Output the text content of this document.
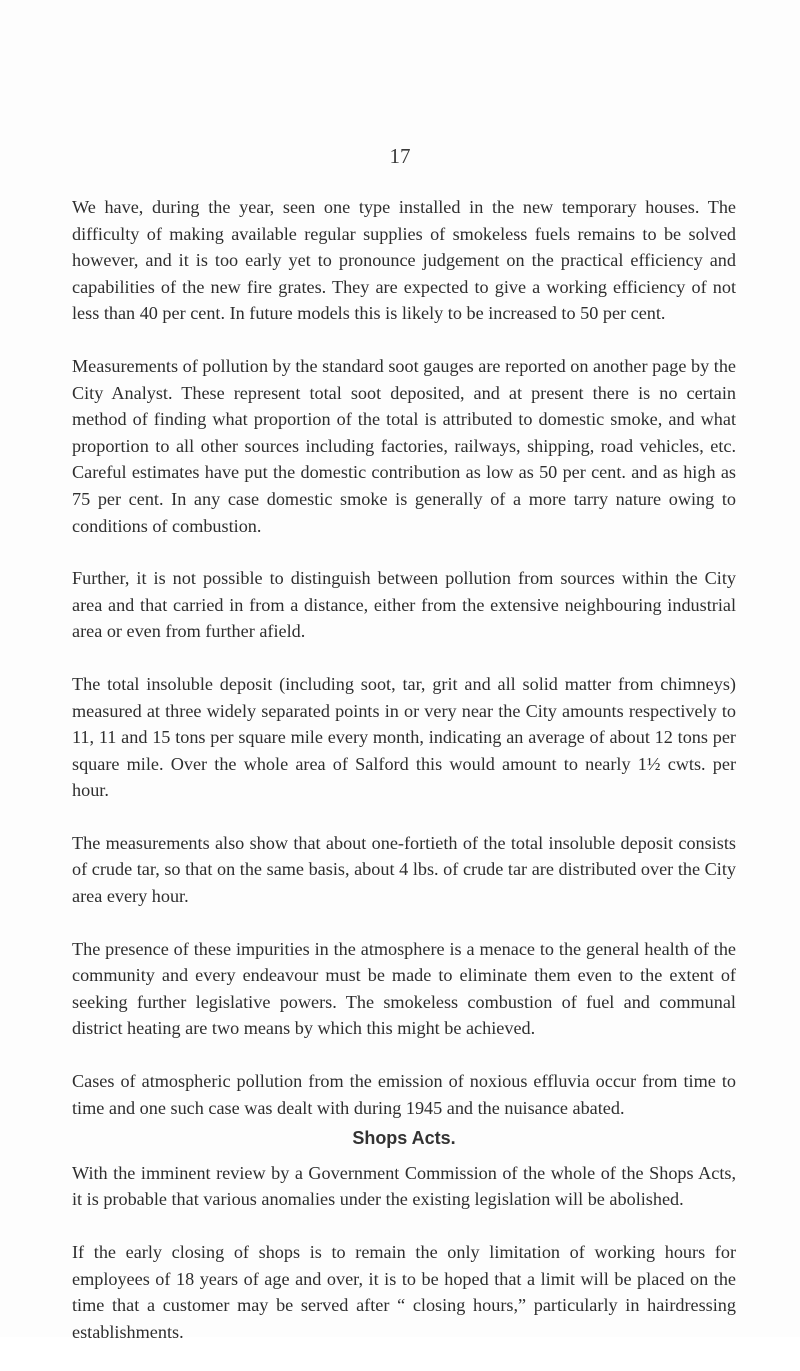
17

We have, during the year, seen one type installed in the new temporary houses. The difficulty of making available regular supplies of smokeless fuels remains to be solved however, and it is too early yet to pronounce judgement on the practical efficiency and capabilities of the new fire grates. They are expected to give a working efficiency of not less than 40 per cent. In future models this is likely to be increased to 50 per cent.

Measurements of pollution by the standard soot gauges are reported on another page by the City Analyst. These represent total soot deposited, and at present there is no certain method of finding what proportion of the total is attributed to domestic smoke, and what proportion to all other sources including factories, railways, shipping, road vehicles, etc. Careful estimates have put the domestic contribution as low as 50 per cent. and as high as 75 per cent. In any case domestic smoke is generally of a more tarry nature owing to conditions of combustion.

Further, it is not possible to distinguish between pollution from sources within the City area and that carried in from a distance, either from the extensive neighbouring industrial area or even from further afield.

The total insoluble deposit (including soot, tar, grit and all solid matter from chimneys) measured at three widely separated points in or very near the City amounts respectively to 11, 11 and 15 tons per square mile every month, indicating an average of about 12 tons per square mile. Over the whole area of Salford this would amount to nearly 1½ cwts. per hour.

The measurements also show that about one-fortieth of the total insoluble deposit consists of crude tar, so that on the same basis, about 4 lbs. of crude tar are distributed over the City area every hour.

The presence of these impurities in the atmosphere is a menace to the general health of the community and every endeavour must be made to eliminate them even to the extent of seeking further legislative powers. The smokeless combustion of fuel and communal district heating are two means by which this might be achieved.

Cases of atmospheric pollution from the emission of noxious effluvia occur from time to time and one such case was dealt with during 1945 and the nuisance abated.

Shops Acts.

With the imminent review by a Government Commission of the whole of the Shops Acts, it is probable that various anomalies under the existing legislation will be abolished.

If the early closing of shops is to remain the only limitation of working hours for employees of 18 years of age and over, it is to be hoped that a limit will be placed on the time that a customer may be served after “ closing hours,” particularly in hairdressing establishments.
